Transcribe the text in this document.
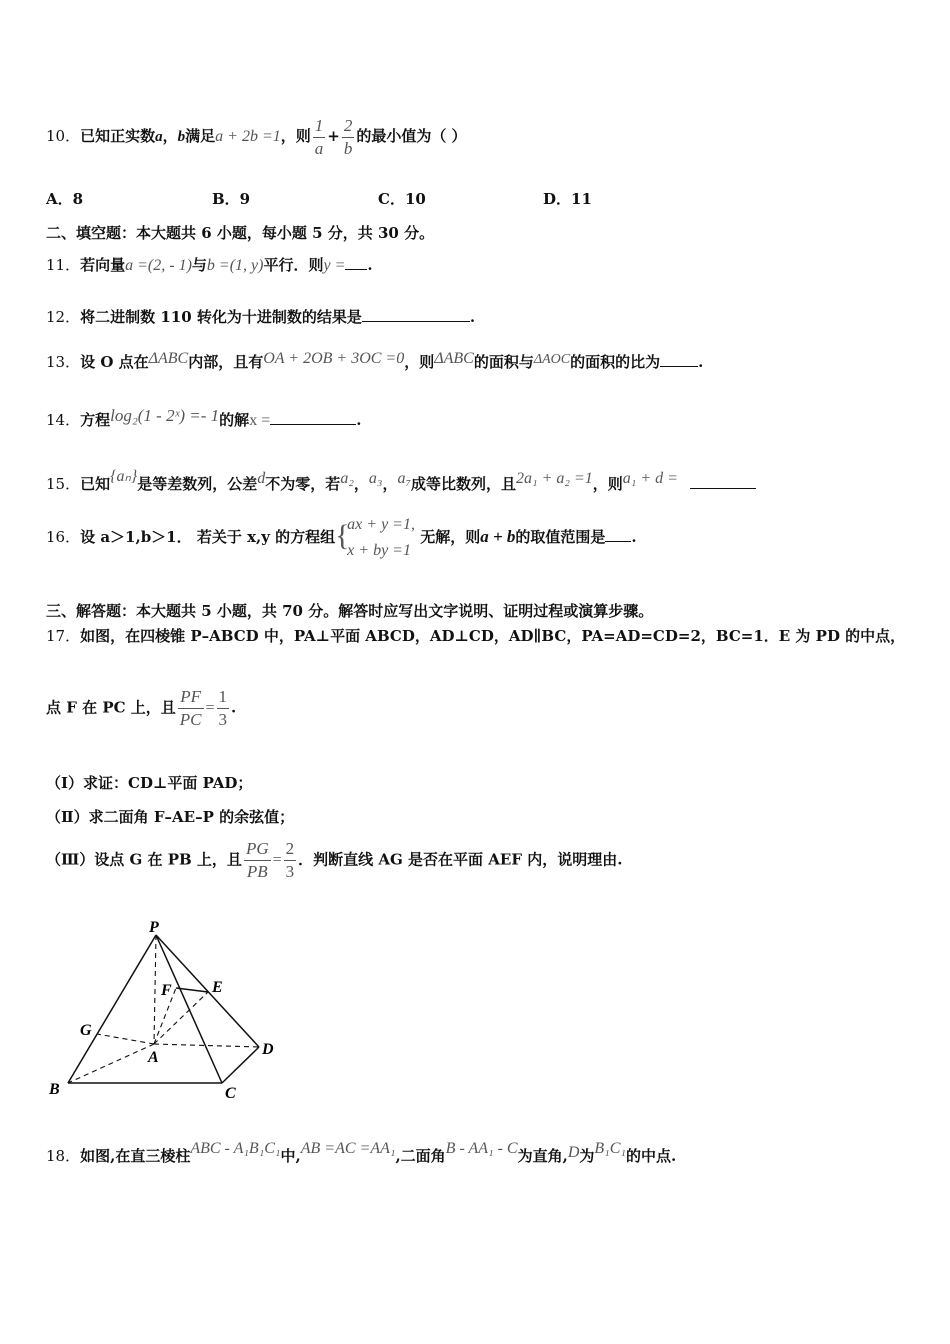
10．已知正实数a，b满足a + 2b =1，则 $\frac{1}{a} + \frac{2}{b}$ 的最小值为（ ）
A．8	B．9	C．10	D．11
二、填空题：本大题共 6 小题，每小题 5 分，共 30 分。
11．若向量a =(2, - 1)与b =(1, y)平行．则y = .
12．将二进制数 110 转化为十进制数的结果是	.
13．设 O 点在ΔABC内部，且有OA + 2OB + 3OC =0，则ΔABC的面积与ΔAOC的面积的比为	.
14．方程log₂(1 - 2ˣ) =- 1的解x =	.
15．已知{aₙ}是等差数列，公差d不为零，若a₂，a₃，a₇成等比数列，且2a₁ + a₂ =1，则a₁ + d =
16．设 a＞1,b＞1． 若关于 x,y 的方程组 {
ax + y =1,
x + by =1
无解，则a + b的取值范围是 .
三、解答题：本大题共 5 小题，共 70 分。解答时应写出文字说明、证明过程或演算步骤。
17．如图，在四棱锥 P–ABCD 中，PA⊥平面 ABCD，AD⊥CD，AD∥BC，PA=AD=CD=2，BC=1．E 为 PD 的中点，
点 F 在 PC 上，且 $\frac{PF}{PC} = \frac{1}{3}$ .
（Ⅰ）求证：CD⊥平面 PAD；
（Ⅱ）求二面角 F–AE–P 的余弦值；
（Ⅲ）设点 G 在 PB 上，且 $\frac{PG}{PB} = \frac{2}{3}$ ．判断直线 AG 是否在平面 AEF 内，说明理由.
P
E
F
G
A	D
B	C
18．如图,在直三棱柱ABC - A₁B₁C₁中,AB =AC =AA₁,二面角B - AA₁ - C为直角,D为B₁C₁的中点.
